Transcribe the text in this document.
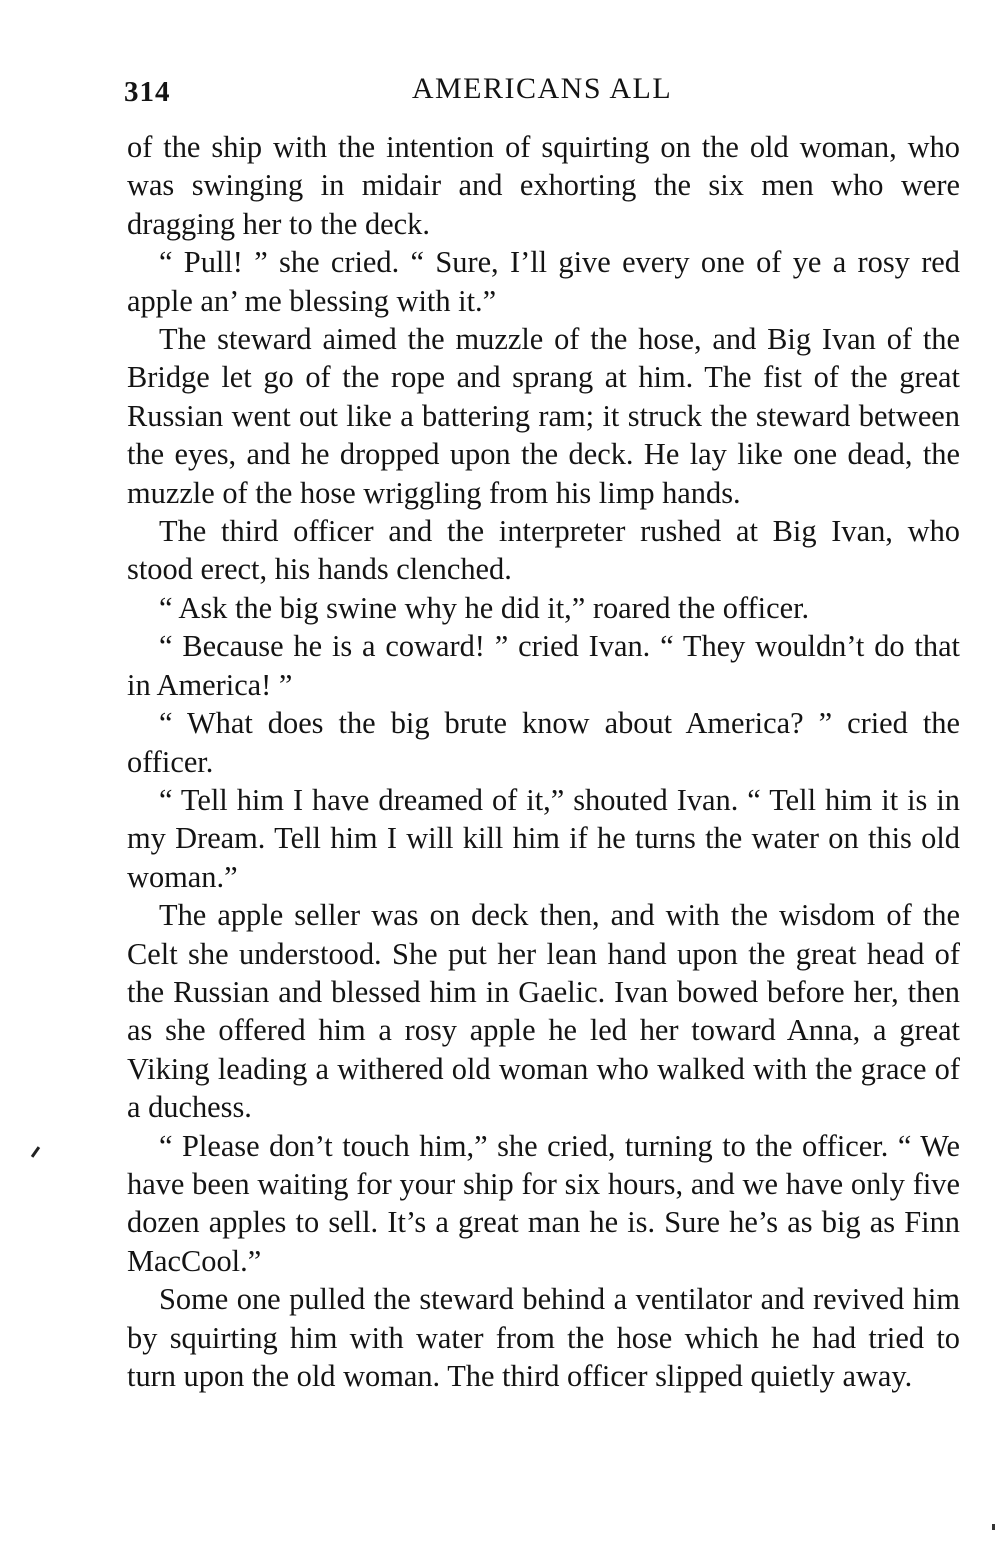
314	AMERICANS ALL

of the ship with the intention of squirting on the old woman, who was swinging in midair and exhorting the six men who were dragging her to the deck.

“ Pull! ” she cried. “ Sure, I’ll give every one of ye a rosy red apple an’ me blessing with it.”

The steward aimed the muzzle of the hose, and Big Ivan of the Bridge let go of the rope and sprang at him. The fist of the great Russian went out like a battering ram; it struck the steward between the eyes, and he dropped upon the deck. He lay like one dead, the muzzle of the hose wriggling from his limp hands.

The third officer and the interpreter rushed at Big Ivan, who stood erect, his hands clenched.

“ Ask the big swine why he did it,” roared the officer.

“ Because he is a coward! ” cried Ivan. “ They wouldn’t do that in America! ”

“ What does the big brute know about America? ” cried the officer.

“ Tell him I have dreamed of it,” shouted Ivan. “ Tell him it is in my Dream. Tell him I will kill him if he turns the water on this old woman.”

The apple seller was on deck then, and with the wisdom of the Celt she understood. She put her lean hand upon the great head of the Russian and blessed him in Gaelic. Ivan bowed before her, then as she offered him a rosy apple he led her toward Anna, a great Viking leading a withered old woman who walked with the grace of a duchess.

“ Please don’t touch him,” she cried, turning to the officer. “ We have been waiting for your ship for six hours, and we have only five dozen apples to sell. It’s a great man he is. Sure he’s as big as Finn MacCool.”

Some one pulled the steward behind a ventilator and revived him by squirting him with water from the hose which he had tried to turn upon the old woman. The third officer slipped quietly away.
